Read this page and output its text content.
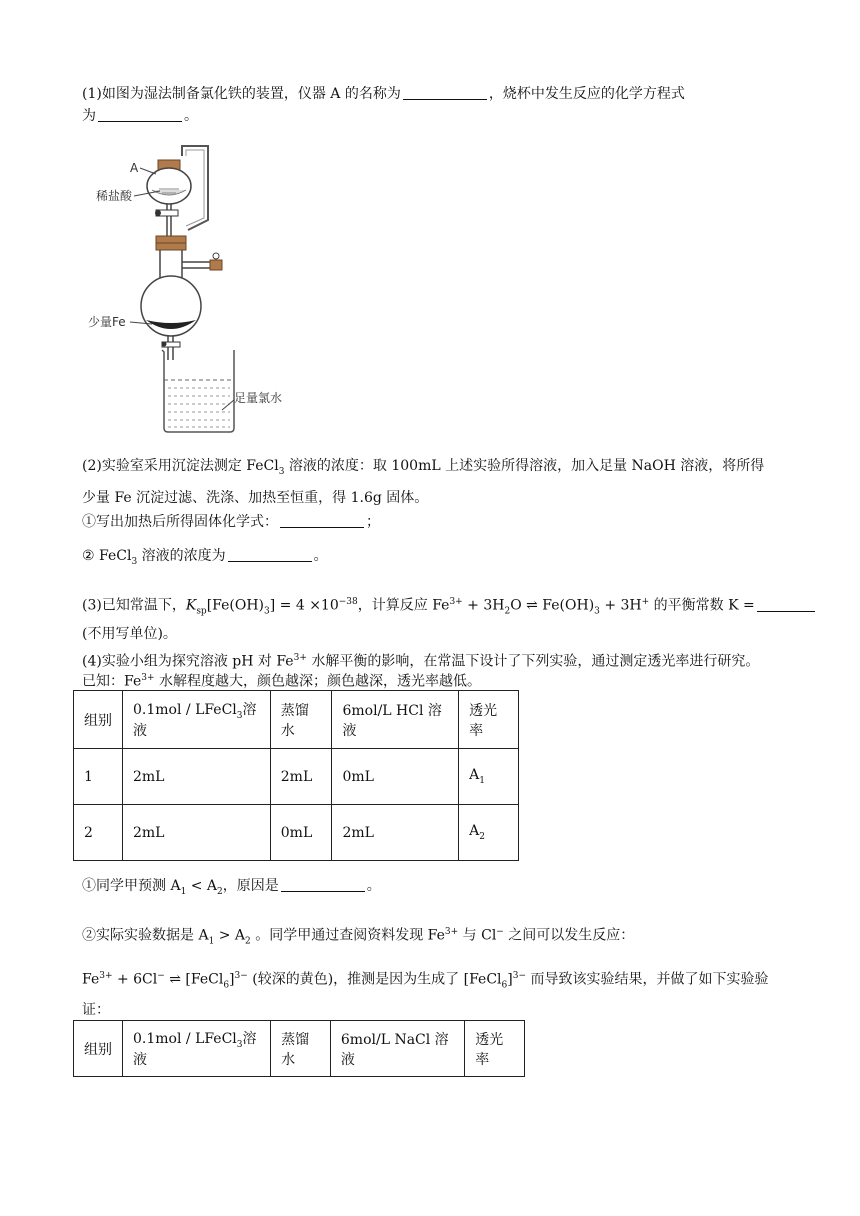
(1)如图为湿法制备氯化铁的装置，仪器 A 的名称为	，烧杯中发生反应的化学方程式
为	。
A
稀盐酸
少量Fe
足量氯水
(2)实验室采用沉淀法测定 FeCl$_3$ 溶液的浓度：取 100mL 上述实验所得溶液，加入足量 NaOH 溶液，将所得
少量 Fe 沉淀过滤、洗涤、加热至恒重，得 1.6g 固体。
①写出加热后所得固体化学式：	；
② FeCl$_3$ 溶液的浓度为	。
(3)已知常温下，$K_{sp}[Fe(OH)_3] = 4 \times 10^{-38}$，计算反应 $Fe^{3+} + 3H_2O$ ⇌ $Fe(OH)_3 + 3H^+$ 的平衡常数 K =
(不用写单位)。
(4)实验小组为探究溶液 pH 对 $Fe^{3+}$ 水解平衡的影响，在常温下设计了下列实验，通过测定透光率进行研究。
已知：$Fe^{3+}$ 水解程度越大，颜色越深；颜色越深，透光率越低。
组别	0.1mol / LFeCl$_3$溶液	蒸馏水	6mol/L HCl 溶液	透光率
1	2mL	2mL	0mL	$A_1$
2	2mL	0mL	2mL	$A_2$
①同学甲预测 $A_1 < A_2$，原因是	。
②实际实验数据是 $A_1 > A_2$ 。同学甲通过查阅资料发现 $Fe^{3+}$ 与 Cl− 之间可以发生反应：
$Fe^{3+} + 6Cl^-$ ⇌ [FeCl$_6$]$^{3-}$ (较深的黄色)，推测是因为生成了 [FeCl$_6$]$^{3-}$ 而导致该实验结果，并做了如下实验验
证：
组别	0.1mol / LFeCl$_3$溶液	蒸馏水	6mol/L NaCl 溶液	透光率
